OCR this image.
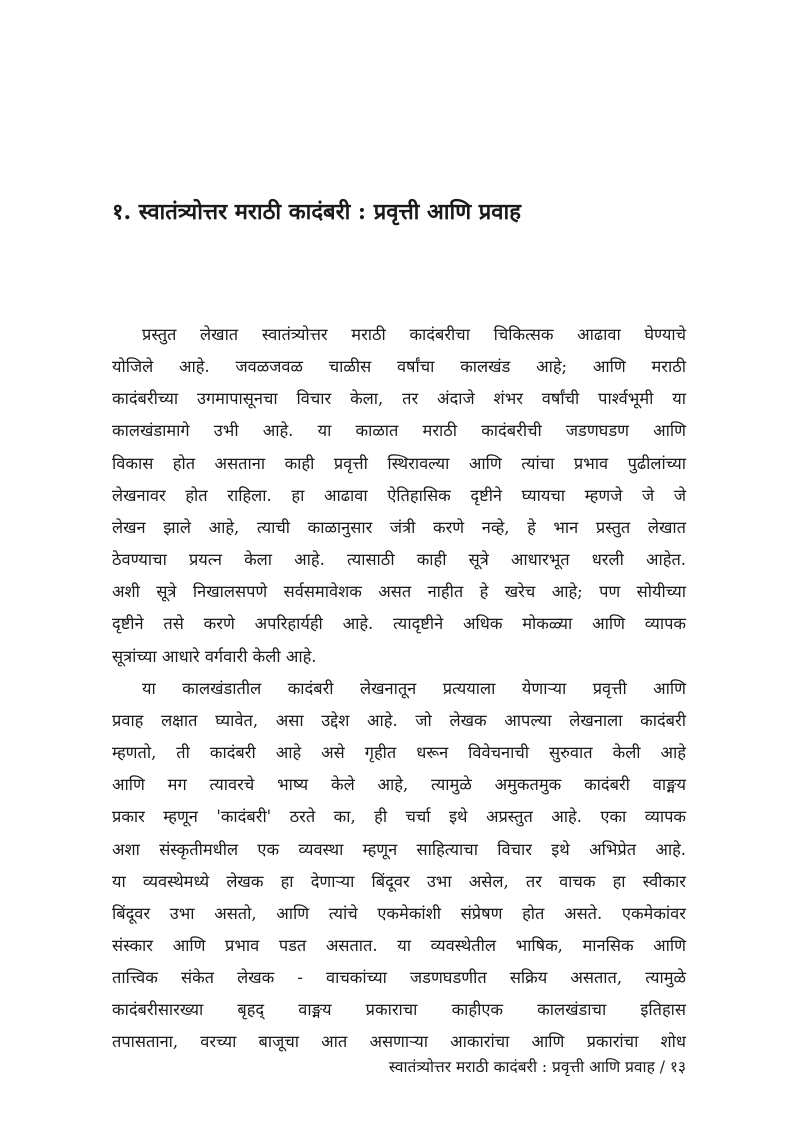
१. स्वातंत्र्योत्तर मराठी कादंबरी : प्रवृत्ती आणि प्रवाह

प्रस्तुत लेखात स्वातंत्र्योत्तर मराठी कादंबरीचा चिकित्सक आढावा घेण्याचे
योजिले आहे. जवळजवळ चाळीस वर्षांचा कालखंड आहे; आणि मराठी
कादंबरीच्या उगमापासूनचा विचार केला, तर अंदाजे शंभर वर्षांची पार्श्वभूमी या
कालखंडामागे उभी आहे. या काळात मराठी कादंबरीची जडणघडण आणि
विकास होत असताना काही प्रवृत्ती स्थिरावल्या आणि त्यांचा प्रभाव पुढीलांच्या
लेखनावर होत राहिला. हा आढावा ऐतिहासिक दृष्टीने घ्यायचा म्हणजे जे जे
लेखन झाले आहे, त्याची काळानुसार जंत्री करणे नव्हे, हे भान प्रस्तुत लेखात
ठेवण्याचा प्रयत्न केला आहे. त्यासाठी काही सूत्रे आधारभूत धरली आहेत.
अशी सूत्रे निखालसपणे सर्वसमावेशक असत नाहीत हे खरेच आहे; पण सोयीच्या
दृष्टीने तसे करणे अपरिहार्यही आहे. त्यादृष्टीने अधिक मोकळ्या आणि व्यापक
सूत्रांच्या आधारे वर्गवारी केली आहे.

या कालखंडातील कादंबरी लेखनातून प्रत्ययाला येणाऱ्या प्रवृत्ती आणि
प्रवाह लक्षात घ्यावेत, असा उद्देश आहे. जो लेखक आपल्या लेखनाला कादंबरी
म्हणतो, ती कादंबरी आहे असे गृहीत धरून विवेचनाची सुरुवात केली आहे
आणि मग त्यावरचे भाष्य केले आहे, त्यामुळे अमुकतमुक कादंबरी वाङ्मय
प्रकार म्हणून 'कादंबरी' ठरते का, ही चर्चा इथे अप्रस्तुत आहे. एका व्यापक
अशा संस्कृतीमधील एक व्यवस्था म्हणून साहित्याचा विचार इथे अभिप्रेत आहे.
या व्यवस्थेमध्ये लेखक हा देणाऱ्या बिंदूवर उभा असेल, तर वाचक हा स्वीकार
बिंदूवर उभा असतो, आणि त्यांचे एकमेकांशी संप्रेषण होत असते. एकमेकांवर
संस्कार आणि प्रभाव पडत असतात. या व्यवस्थेतील भाषिक, मानसिक आणि
तात्त्विक संकेत लेखक - वाचकांच्या जडणघडणीत सक्रिय असतात, त्यामुळे
कादंबरीसारख्या बृहद् वाङ्मय प्रकाराचा काहीएक कालखंडाचा इतिहास
तपासताना, वरच्या बाजूचा आत असणाऱ्या आकारांचा आणि प्रकारांचा शोध

स्वातंत्र्योत्तर मराठी कादंबरी : प्रवृत्ती आणि प्रवाह / १३
